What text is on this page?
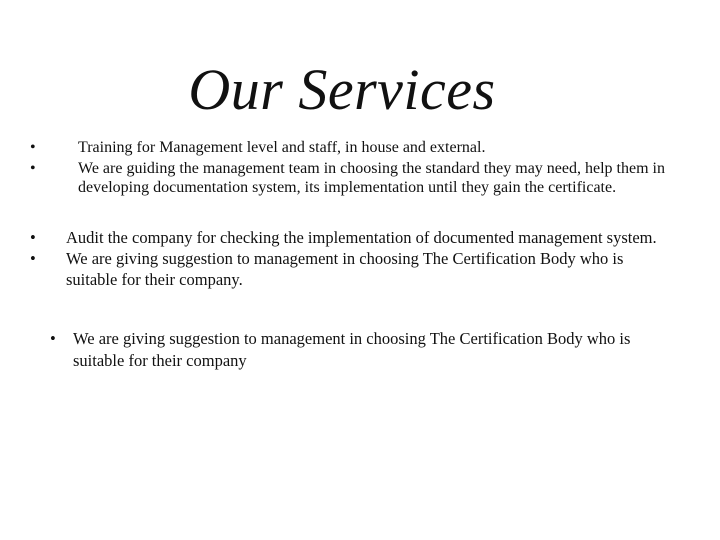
Our Services
•	Training for Management level and staff, in house and external.
•	We are guiding the management team in choosing the standard they may need, help them in developing documentation system, its implementation until they gain the certificate.
•	Audit the company for checking the implementation of documented management system.
•	We are giving suggestion to management in choosing The Certification Body who is suitable for their company.
•	We are giving suggestion to management in choosing The Certification Body who is suitable for their company
